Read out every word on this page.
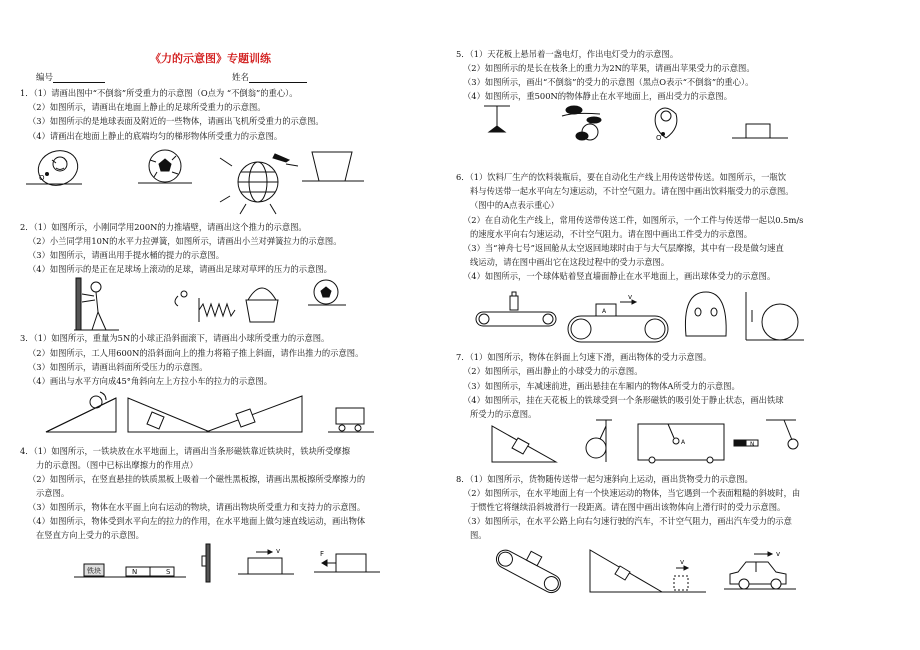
《力的示意图》专题训练
编号	姓名
1．（1）请画出图中“不倒翁”所受重力的示意图（O点为 “不倒翁”的重心）。
（2）如图所示，请画出在地面上静止的足球所受重力的示意图。
（3）如图所示的是地球表面及附近的一些物体，请画出飞机所受重力的示意图。
（4）请画出在地面上静止的底端均匀的梯形物体所受重力的示意图。
O
2．（1）如图所示，小刚同学用200N的力推墙壁，请画出这个推力的示意图。
（2）小兰同学用10N的水平力拉弹簧，如图所示，请画出小兰对弹簧拉力的示意图。
（3）如图所示，请画出用手提水桶的提力的示意图。
（4）如图所示的是正在足球场上滚动的足球，请画出足球对草坪的压力的示意图。
3．（1）如图所示，重量为5N的小球正沿斜面滚下，请画出小球所受重力的示意图。
（2）如图所示，工人用600N的沿斜面向上的推力将箱子推上斜面，请作出推力的示意图。
（3）如图所示，请画出斜面所受压力的示意图。
（4）画出与水平方向成45°角斜向左上方拉小车的拉力的示意图。
4．（1）如图所示，一铁块放在水平地面上，请画出当条形磁铁靠近铁块时，铁块所受摩擦
力的示意图。（图中已标出摩擦力的作用点）
（2）如图所示，在竖直悬挂的铁质黑板上吸着一个磁性黑板擦，请画出黑板擦所受摩擦力的
示意图。
（3）如图所示，物体在水平面上向右运动的物块，请画出物块所受重力和支持力的示意图。
（4）如图所示，物体受到水平向左的拉力的作用，在水平地面上做匀速直线运动，画出物体
在竖直方向上受力的示意图。
铁块	N	S
v	F
5．（1）天花板上悬吊着一盏电灯，作出电灯受力的示意图。
（2）如图所示的是长在枝条上的重力为2N的苹果，请画出苹果受力的示意图。
（3）如图所示，画出“不倒翁”的受力的示意图（黑点O表示“不倒翁”的重心）。
（4）如图所示，重500N的物体静止在水平地面上，画出受力的示意图。
O
6．（1）饮料厂生产的饮料装瓶后，要在自动化生产线上用传送带传送。如图所示，一瓶饮
料与传送带一起水平向左匀速运动，不计空气阻力。请在图中画出饮料瓶受力的示意图。
（图中的A点表示重心）
（2）在自动化生产线上，常用传送带传送工件，如图所示，一个工件与传送带一起以0.5m/s
的速度水平向右匀速运动，不计空气阻力。请在图中画出工件受力的示意图。
（3）当“神舟七号”返回舱从太空返回地球时由于与大气层摩擦，其中有一段是做匀速直
线运动，请在图中画出它在这段过程中的受力示意图。
（4）如图所示，一个球体贴着竖直墙面静止在水平地面上，画出球体受力的示意图。
A
v
7．（1）如图所示，物体在斜面上匀速下滑，画出物体的受力示意图。
（2）如图所示，画出静止的小球受力的示意图。
（3）如图所示，车减速前进，画出悬挂在车厢内的物体A所受力的示意图。
（4）如图所示，挂在天花板上的铁球受到一个条形磁铁的吸引处于静止状态，画出铁球
所受力的示意图。
A	N
8．（1）如图所示，货物随传送带一起匀速斜向上运动，画出货物受力的示意图。
（2）如图所示，在水平地面上有一个快速运动的物体，当它遇到一个表面粗糙的斜坡时，由
于惯性它将继续沿斜坡滑行一段距离。请在图中画出该物体向上滑行时的受力示意图。
（3）如图所示，在水平公路上向右匀速行驶的汽车，不计空气阻力，画出汽车受力的示意
图。
v
v
